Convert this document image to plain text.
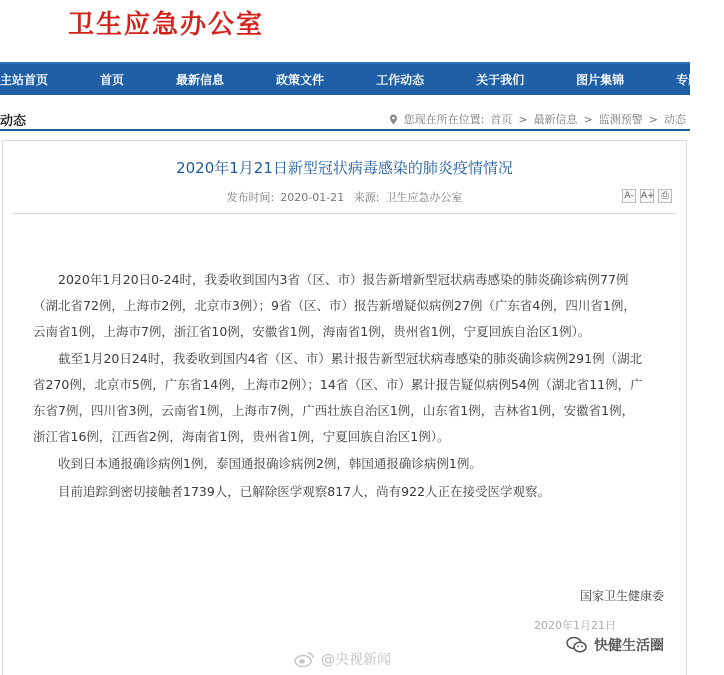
卫生应急办公室
主站首页	首页	最新信息	政策文件	工作动态	关于我们	图片集锦	专题专栏
动态	您现在所在位置: 首页 > 最新信息 > 监测预警 > 动态
2020年1月21日新型冠状病毒感染的肺炎疫情情况
发布时间: 2020-01-21 来源: 卫生应急办公室	A- A+ ⎙

2020年1月20日0-24时，我委收到国内3省（区、市）报告新增新型冠状病毒感染的肺炎确诊病例77例（湖北省72例，上海市2例，北京市3例）；9省（区、市）报告新增疑似病例27例（广东省4例，四川省1例，云南省1例，上海市7例，浙江省10例，安徽省1例，海南省1例，贵州省1例，宁夏回族自治区1例）。

截至1月20日24时，我委收到国内4省（区、市）累计报告新型冠状病毒感染的肺炎确诊病例291例（湖北省270例，北京市5例，广东省14例，上海市2例）；14省（区、市）累计报告疑似病例54例（湖北省11例，广东省7例，四川省3例，云南省1例，上海市7例，广西壮族自治区1例，山东省1例，吉林省1例，安徽省1例，浙江省16例，江西省2例，海南省1例，贵州省1例，宁夏回族自治区1例）。

收到日本通报确诊病例1例，泰国通报确诊病例2例，韩国通报确诊病例1例。

目前追踪到密切接触者1739人，已解除医学观察817人，尚有922人正在接受医学观察。

国家卫生健康委
2020年1月21日
@央视新闻
快健生活圈
